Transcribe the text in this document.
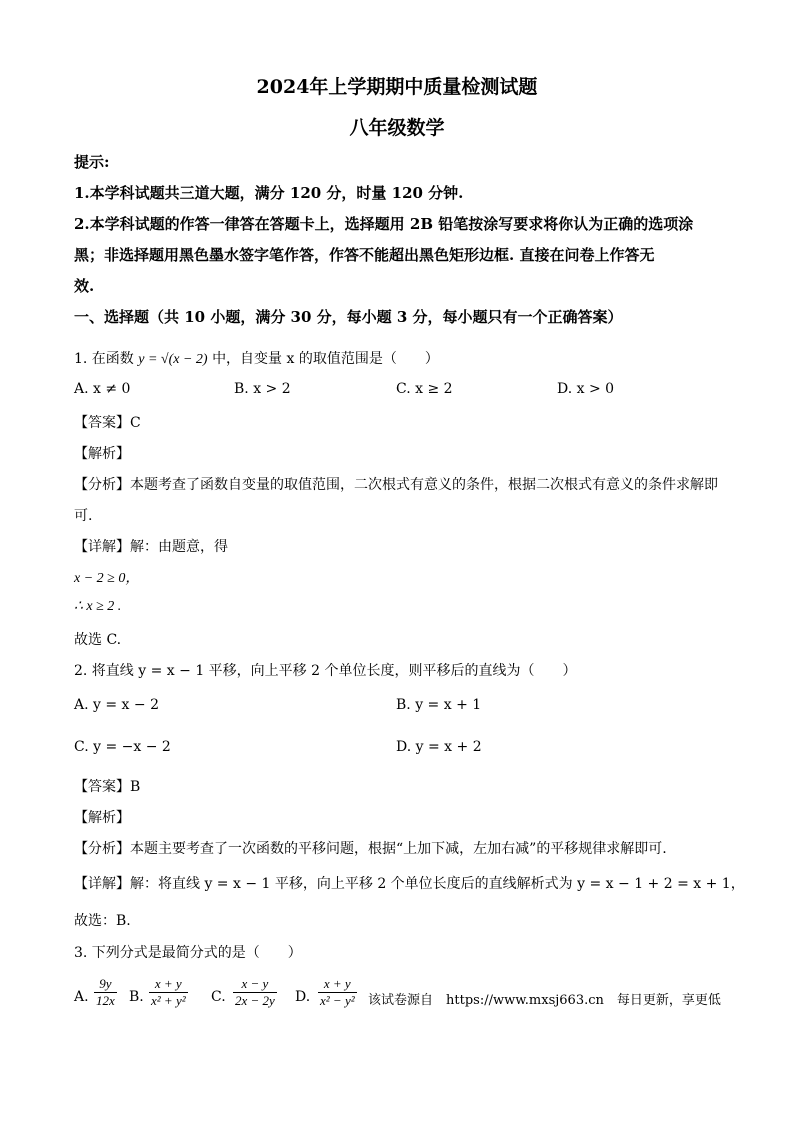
2024年上学期期中质量检测试题
八年级数学
提示:
1.本学科试题共三道大题，满分 120 分，时量 120 分钟.
2.本学科试题的作答一律答在答题卡上，选择题用 2B 铅笔按涂写要求将你认为正确的选项涂
黑；非选择题用黑色墨水签字笔作答，作答不能超出黑色矩形边框. 直接在问卷上作答无
效.
一、选择题（共 10 小题，满分 30 分，每小题 3 分，每小题只有一个正确答案）
1. 在函数 y = √(x − 2) 中，自变量 x 的取值范围是（　　）
A. x ≠ 0	B. x > 2	C. x ≥ 2	D. x > 0
【答案】C
【解析】
【分析】本题考查了函数自变量的取值范围，二次根式有意义的条件，根据二次根式有意义的条件求解即
可.
【详解】解：由题意，得
x − 2 ≥ 0，
∴ x ≥ 2 .
故选 C.
2. 将直线 y = x − 1 平移，向上平移 2 个单位长度，则平移后的直线为（　　）
A. y = x − 2	B. y = x + 1
C. y = −x − 2	D. y = x + 2
【答案】B
【解析】
【分析】本题主要考查了一次函数的平移问题，根据“上加下减，左加右减”的平移规律求解即可.
【详解】解：将直线 y = x − 1 平移，向上平移 2 个单位长度后的直线解析式为 y = x − 1 + 2 = x + 1，
故选：B.
3. 下列分式是最简分式的是（　　）
A.
9y
12x B.
x + y
x² + y² C.
x − y
2x − 2y D.
x + y
x² − y² 该试卷源自　https://www.mxsj663.cn　每日更新，享更低
